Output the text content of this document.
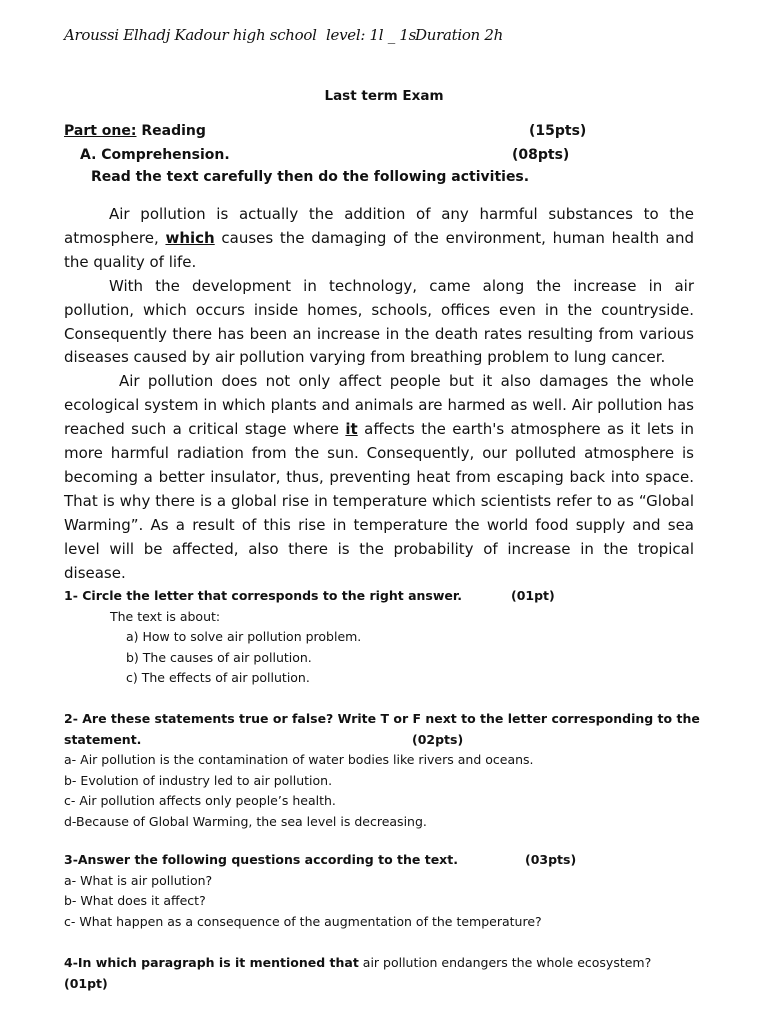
Aroussi Elhadj Kadour high school level: 1l _ 1s
Duration 2h
Last term Exam
Part one: Reading	(15pts)
A. Comprehension.	(08pts)
Read the text carefully then do the following activities.

Air pollution is actually the addition of any harmful substances to the atmosphere, which causes the damaging of the environment, human health and the quality of life.

With the development in technology, came along the increase in air pollution, which occurs inside homes, schools, offices even in the countryside. Consequently there has been an increase in the death rates resulting from various diseases caused by air pollution varying from breathing problem to lung cancer.

Air pollution does not only affect people but it also damages the whole ecological system in which plants and animals are harmed as well. Air pollution has reached such a critical stage where it affects the earth's atmosphere as it lets in more harmful radiation from the sun. Consequently, our polluted atmosphere is becoming a better insulator, thus, preventing heat from escaping back into space. That is why there is a global rise in temperature which scientists refer to as “Global Warming”. As a result of this rise in temperature the world food supply and sea level will be affected, also there is the probability of increase in the tropical disease.

1- Circle the letter that corresponds to the right answer.	(01pt)
The text is about:
a) How to solve air pollution problem.
b) The causes of air pollution.
c) The effects of air pollution.
2- Are these statements true or false? Write T or F next to the letter corresponding to the
statement.	(02pts)
a- Air pollution is the contamination of water bodies like rivers and oceans.
b- Evolution of industry led to air pollution.
c- Air pollution affects only people’s health.
d-Because of Global Warming, the sea level is decreasing.
3-Answer the following questions according to the text.	(03pts)
a- What is air pollution?
b- What does it affect?
c- What happen as a consequence of the augmentation of the temperature?
4-In which paragraph is it mentioned that air pollution endangers the whole ecosystem?
(01pt)
